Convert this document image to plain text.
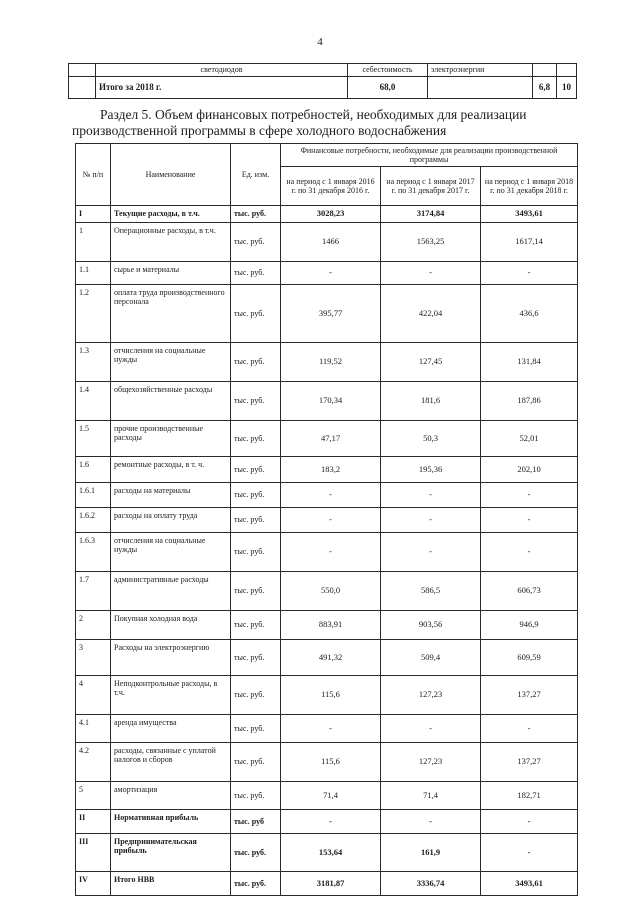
4
	светодиодов	себестоимость	электроэнергии		
	Итого за 2018 г.	68,0		6,8	10
Раздел 5. Объем финансовых потребностей, необходимых для реализации
производственной программы в сфере холодного водоснабжения
№ п/п	Наименование	Ед. изм.	Финансовые потребности, необходимые для реализации производственной программы		
			на период с 1 января 2016 г. по 31 декабря 2016 г.	на период с 1 января 2017 г. по 31 декабря 2017 г.	на период с 1 января 2018 г. по 31 декабря 2018 г.
I	Текущие расходы, в т.ч.	тыс. руб.	3028,23	3174,84	3493,61
1	Операционные расходы, в т.ч.	тыс. руб.	1466	1563,25	1617,14
1.1	сырье и материалы	тыс. руб.	-	-	-
1.2	оплата труда производственного персонала	тыс. руб.	395,77	422,04	436,6
1.3	отчисления на социальные нужды	тыс. руб.	119,52	127,45	131,84
1.4	общехозяйственные расходы	тыс. руб.	170,34	181,6	187,86
1.5	прочие производственные расходы	тыс. руб.	47,17	50,3	52,01
1.6	ремонтные расходы, в т. ч.	тыс. руб.	183,2	195,36	202,10
1.6.1	расходы на материалы	тыс. руб.	-	-	-
1.6.2	расходы на оплату труда	тыс. руб.	-	-	-
1.6.3	отчисления на социальные нужды	тыс. руб.	-	-	-
1.7	административные расходы	тыс. руб.	550,0	586,5	606,73
2	Покупная холодная вода	тыс. руб.	883,91	903,56	946,9
3	Расходы на электроэнергию	тыс. руб.	491,32	509,4	609,59
4	Неподконтрольные расходы, в т.ч.	тыс. руб.	115,6	127,23	137,27
4.1	аренда имущества	тыс. руб.	-	-	-
4.2	расходы, связанные с уплатой налогов и сборов	тыс. руб.	115,6	127,23	137,27
5	амортизация	тыс. руб.	71,4	71,4	182,71
II	Нормативная прибыль	тыс. руб	-	-	-
III	Предпринимательская прибыль	тыс. руб.	153,64	161,9	-
IV	Итого НВВ	тыс. руб.	3181,87	3336,74	3493,61
